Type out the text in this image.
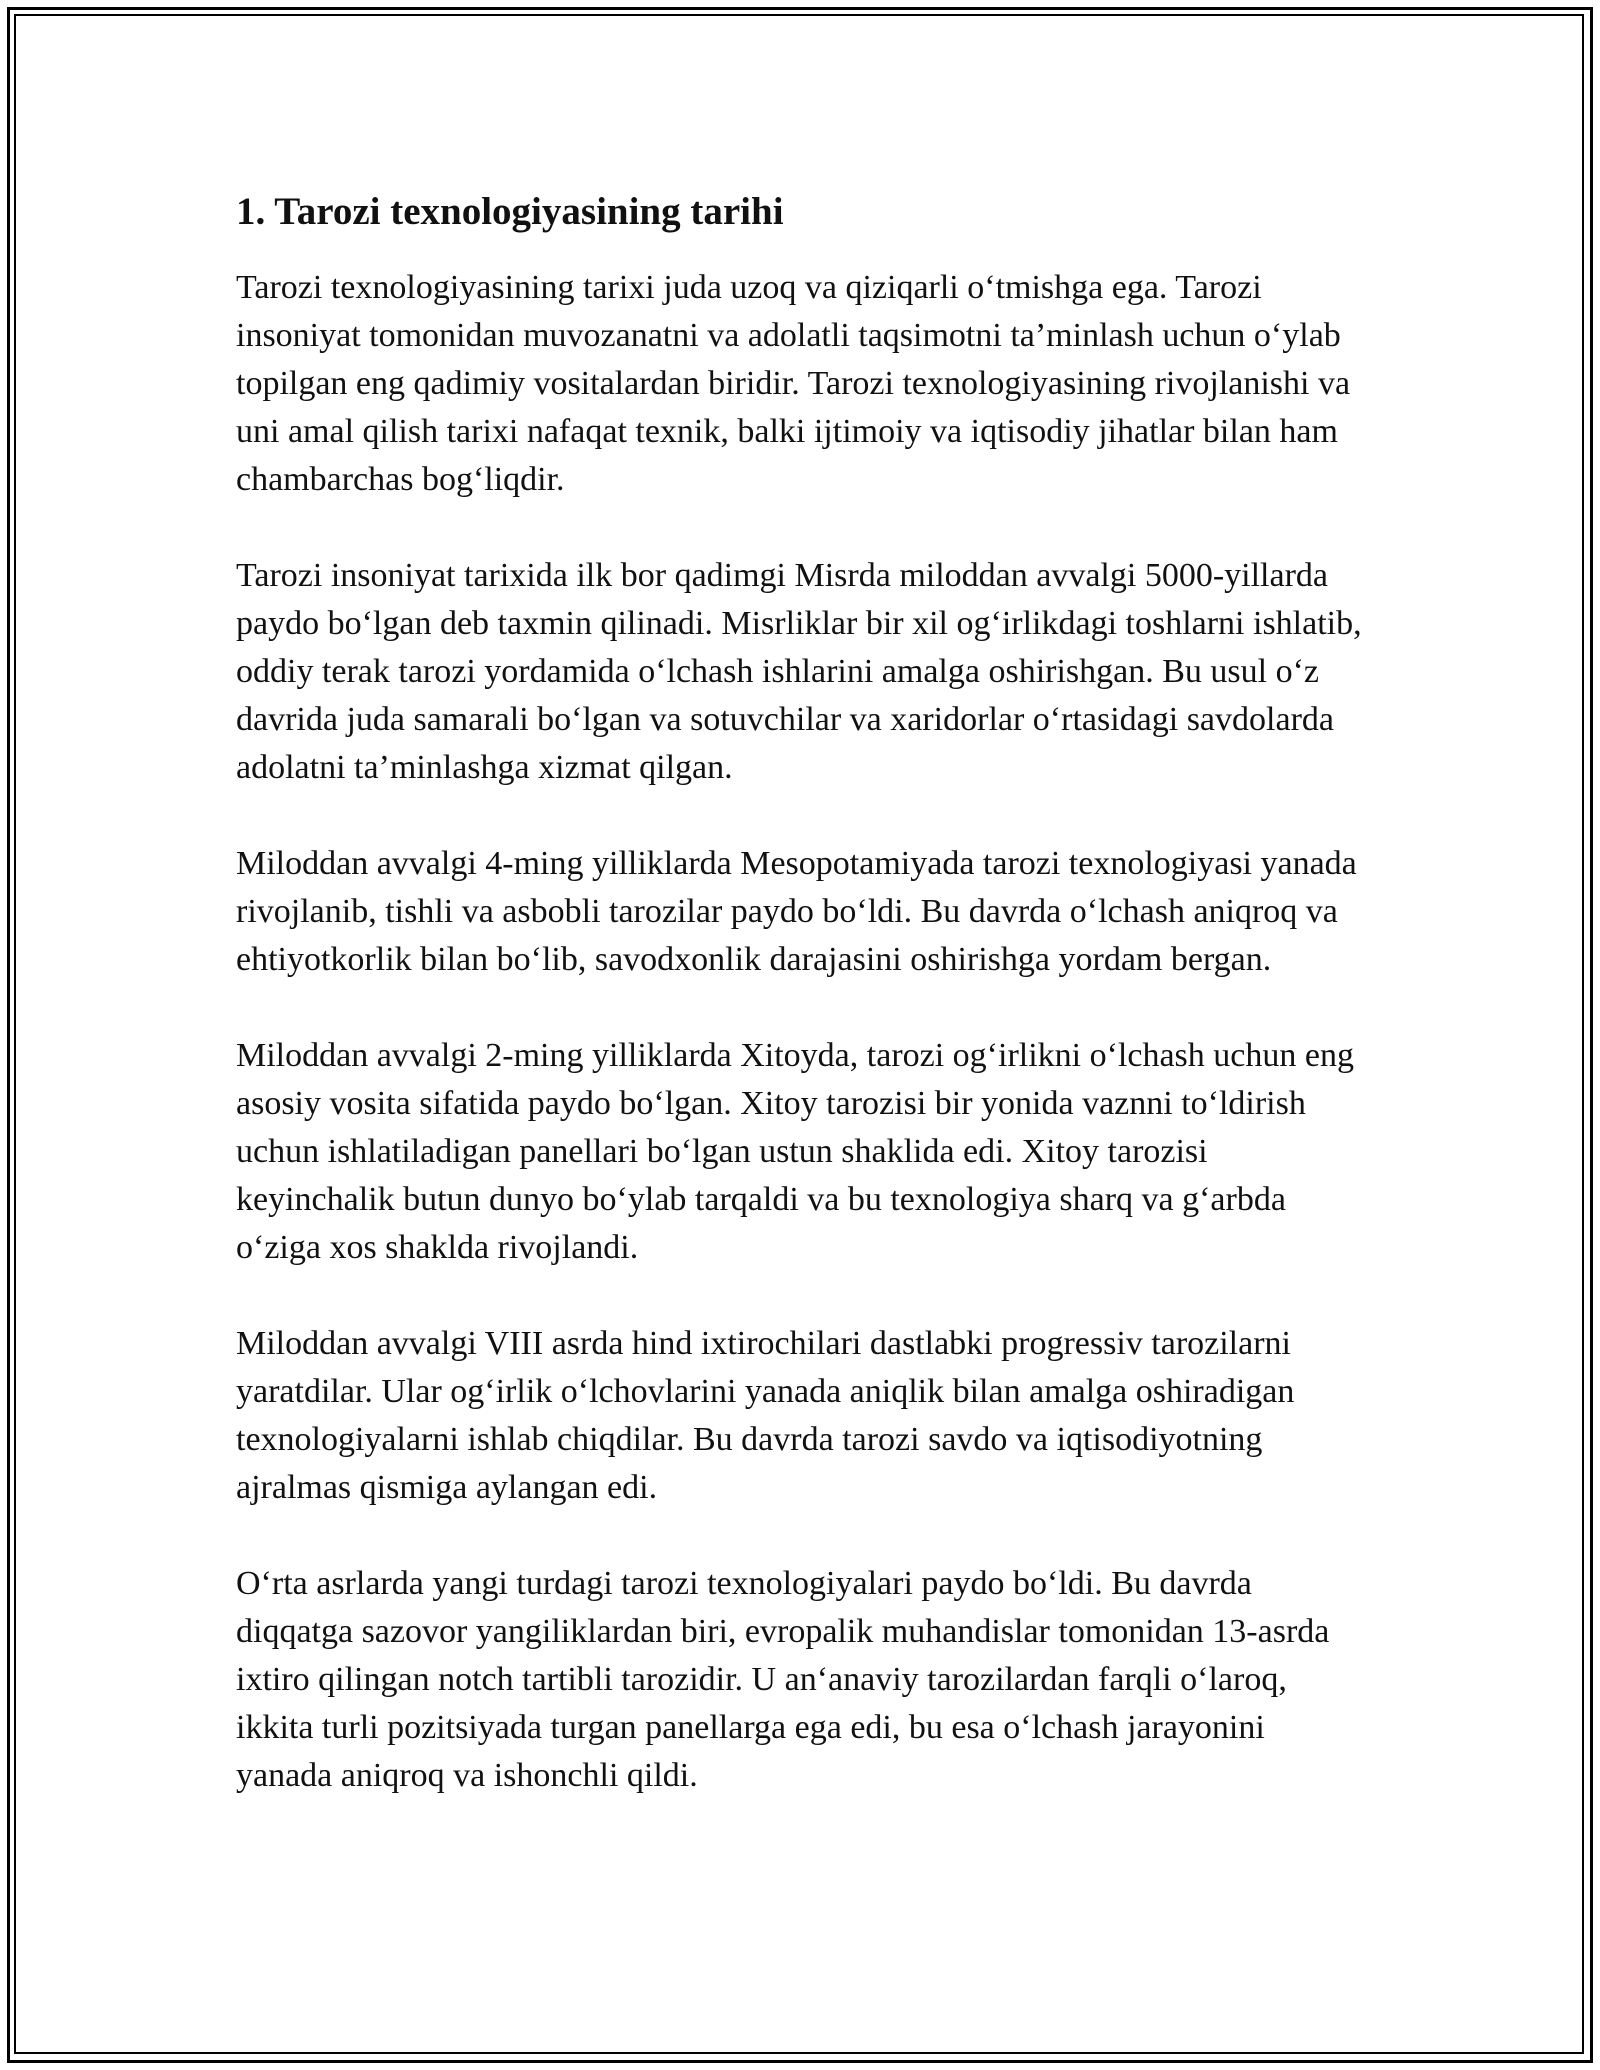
1. Tarozi texnologiyasining tarihi

Tarozi texnologiyasining tarixi juda uzoq va qiziqarli o‘tmishga ega. Tarozi insoniyat tomonidan muvozanatni va adolatli taqsimotni ta’minlash uchun o‘ylab topilgan eng qadimiy vositalardan biridir. Tarozi texnologiyasining rivojlanishi va uni amal qilish tarixi nafaqat texnik, balki ijtimoiy va iqtisodiy jihatlar bilan ham chambarchas bog‘liqdir.

Tarozi insoniyat tarixida ilk bor qadimgi Misrda miloddan avvalgi 5000-yillarda paydo bo‘lgan deb taxmin qilinadi. Misrliklar bir xil og‘irlikdagi toshlarni ishlatib, oddiy terak tarozi yordamida o‘lchash ishlarini amalga oshirishgan. Bu usul o‘z davrida juda samarali bo‘lgan va sotuvchilar va xaridorlar o‘rtasidagi savdolarda adolatni ta’minlashga xizmat qilgan.

Miloddan avvalgi 4-ming yilliklarda Mesopotamiyada tarozi texnologiyasi yanada rivojlanib, tishli va asbobli tarozilar paydo bo‘ldi. Bu davrda o‘lchash aniqroq va ehtiyotkorlik bilan bo‘lib, savodxonlik darajasini oshirishga yordam bergan.

Miloddan avvalgi 2-ming yilliklarda Xitoyda, tarozi og‘irlikni o‘lchash uchun eng asosiy vosita sifatida paydo bo‘lgan. Xitoy tarozisi bir yonida vaznni to‘ldirish uchun ishlatiladigan panellari bo‘lgan ustun shaklida edi. Xitoy tarozisi keyinchalik butun dunyo bo‘ylab tarqaldi va bu texnologiya sharq va g‘arbda o‘ziga xos shaklda rivojlandi.

Miloddan avvalgi VIII asrda hind ixtirochilari dastlabki progressiv tarozilarni yaratdilar. Ular og‘irlik o‘lchovlarini yanada aniqlik bilan amalga oshiradigan texnologiyalarni ishlab chiqdilar. Bu davrda tarozi savdo va iqtisodiyotning ajralmas qismiga aylangan edi.

O‘rta asrlarda yangi turdagi tarozi texnologiyalari paydo bo‘ldi. Bu davrda diqqatga sazovor yangiliklardan biri, evropalik muhandislar tomonidan 13-asrda ixtiro qilingan notch tartibli tarozidir. U an‘anaviy tarozilardan farqli o‘laroq, ikkita turli pozitsiyada turgan panellarga ega edi, bu esa o‘lchash jarayonini yanada aniqroq va ishonchli qildi.
